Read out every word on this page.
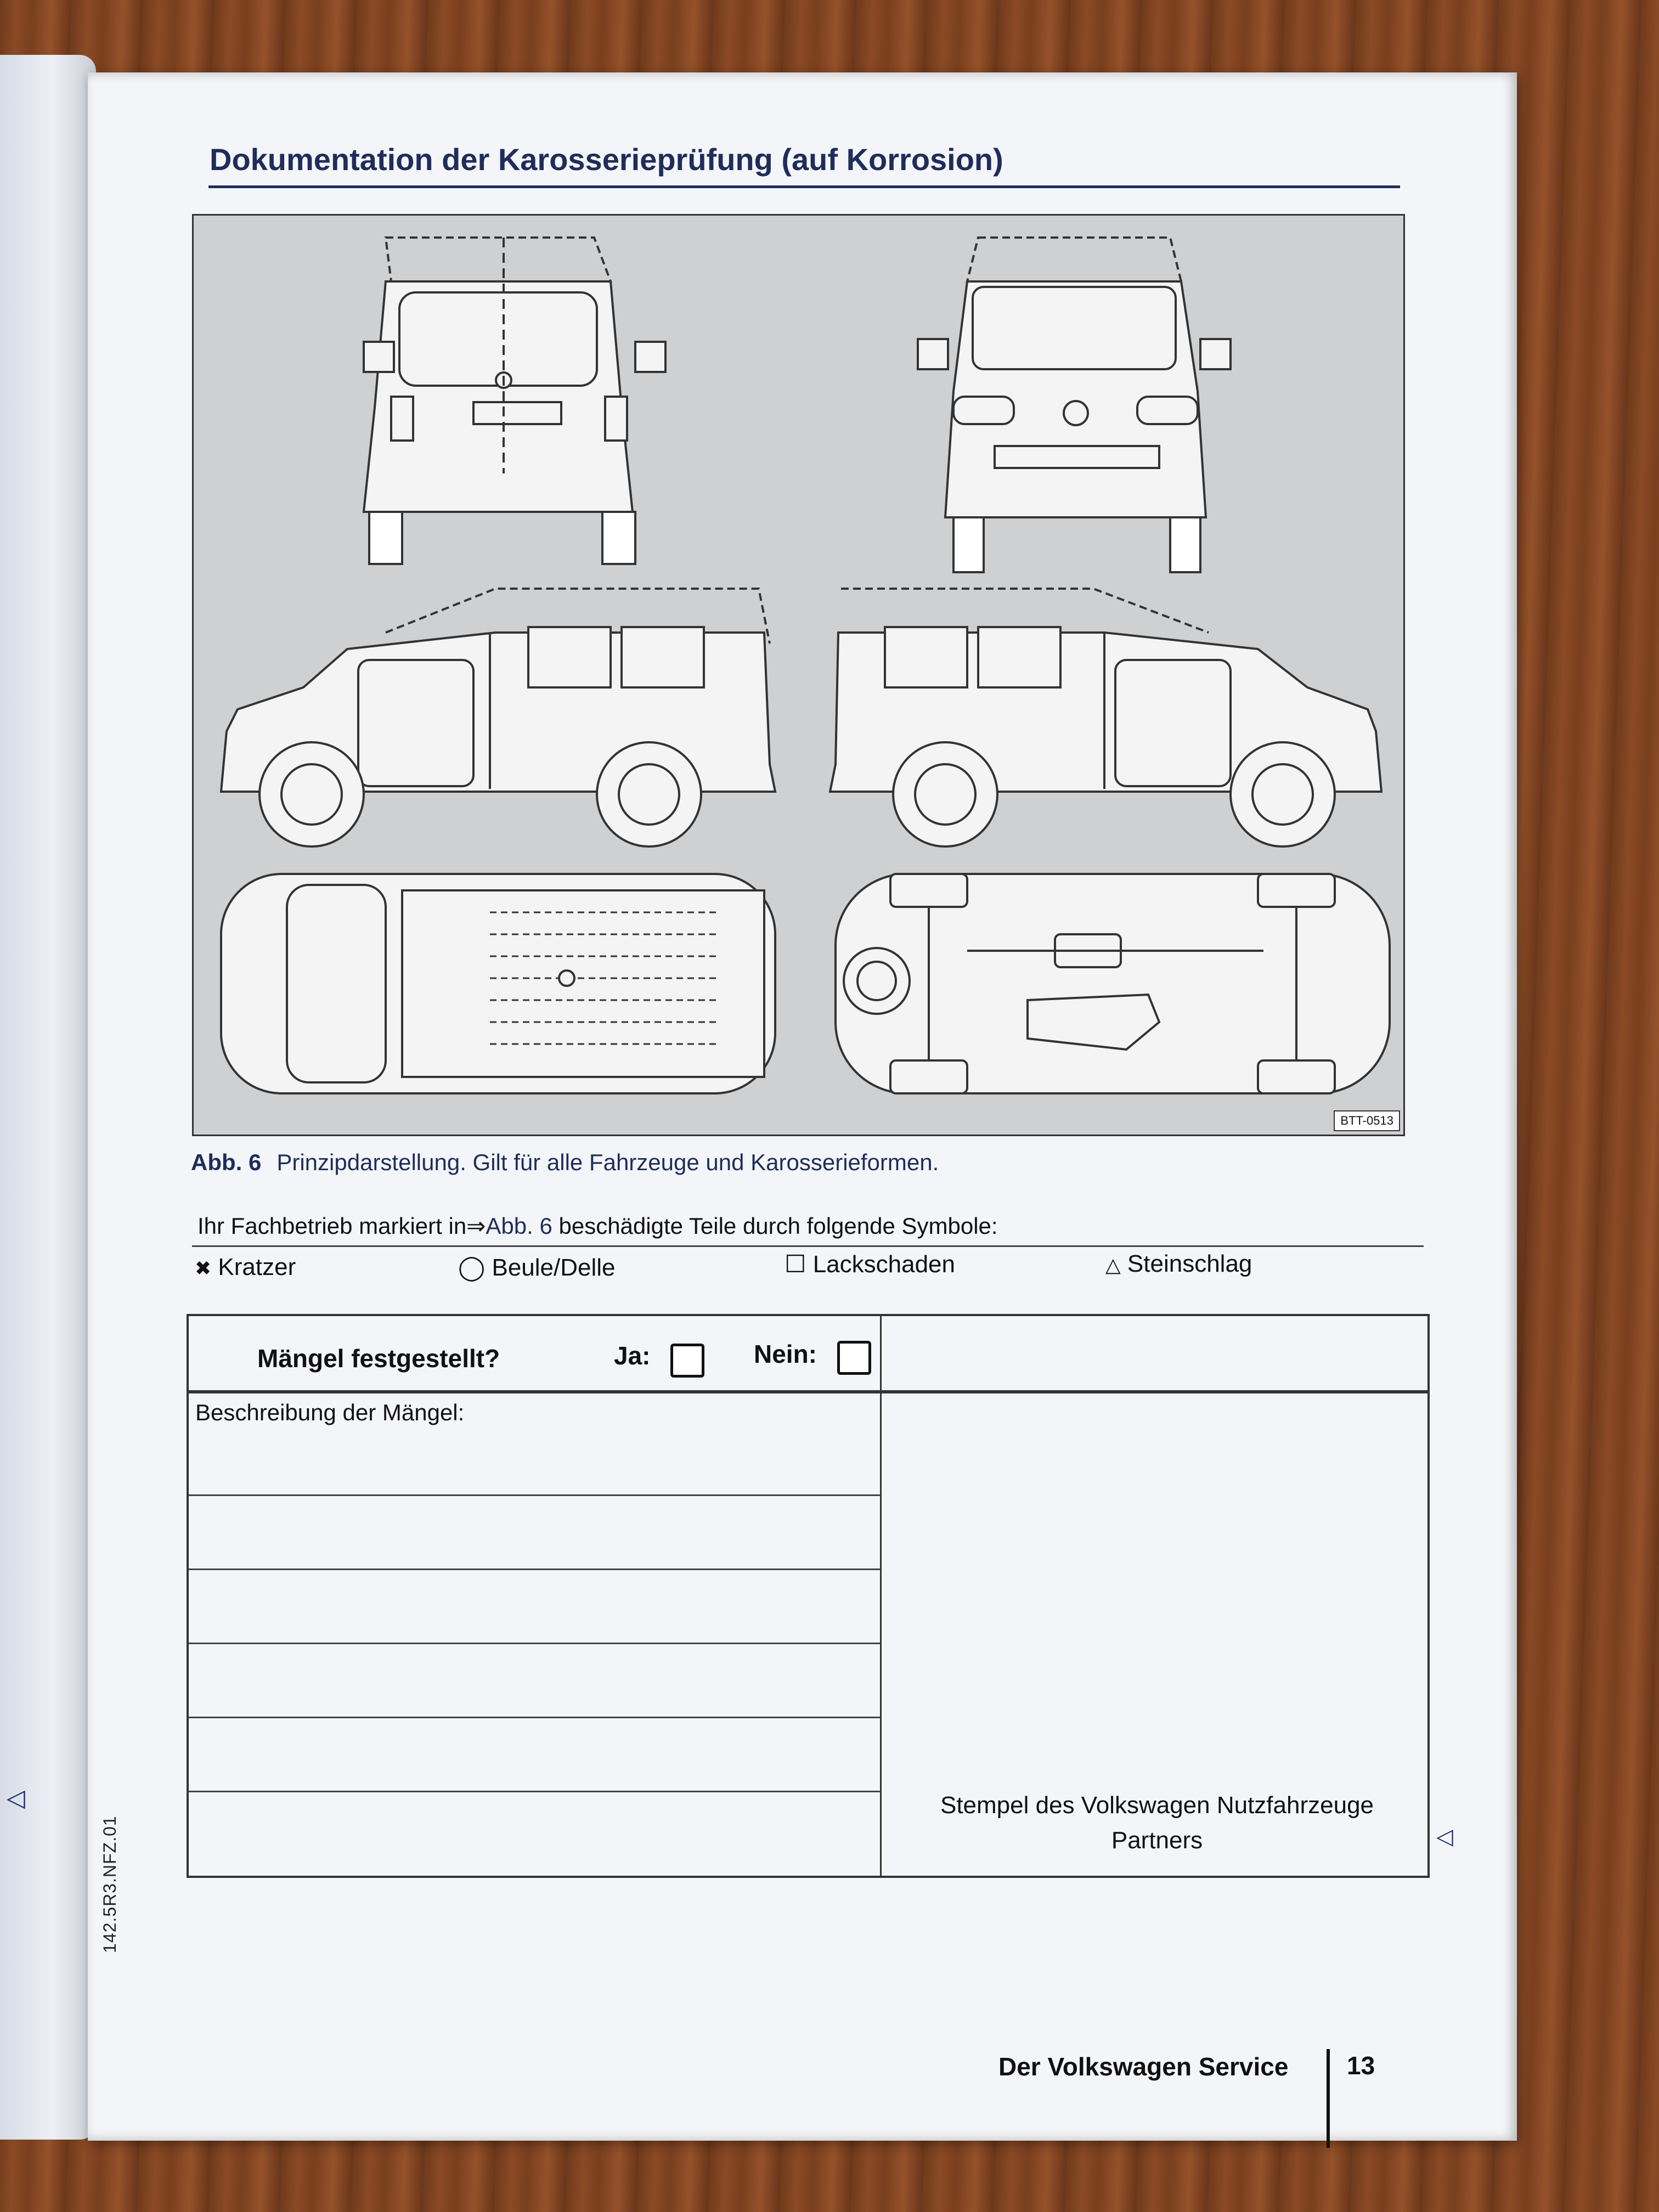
◁
142.5R3.NFZ.01
Dokumentation der Karosserieprüfung (auf Korrosion)
BTT-0513
Abb. 6 Prinzipdarstellung. Gilt für alle Fahrzeuge und Karosserieformen.
Ihr Fachbetrieb markiert in⇒Abb. 6 beschädigte Teile durch folgende Symbole:
✖ Kratzer	◯ Beule/Delle	☐ Lackschaden	△ Steinschlag
Mängel festgestellt?	Ja:	Nein:
Beschreibung der Mängel:
Stempel des Volkswagen Nutzfahrzeuge
Partners	◁
Der Volkswagen Service 13
